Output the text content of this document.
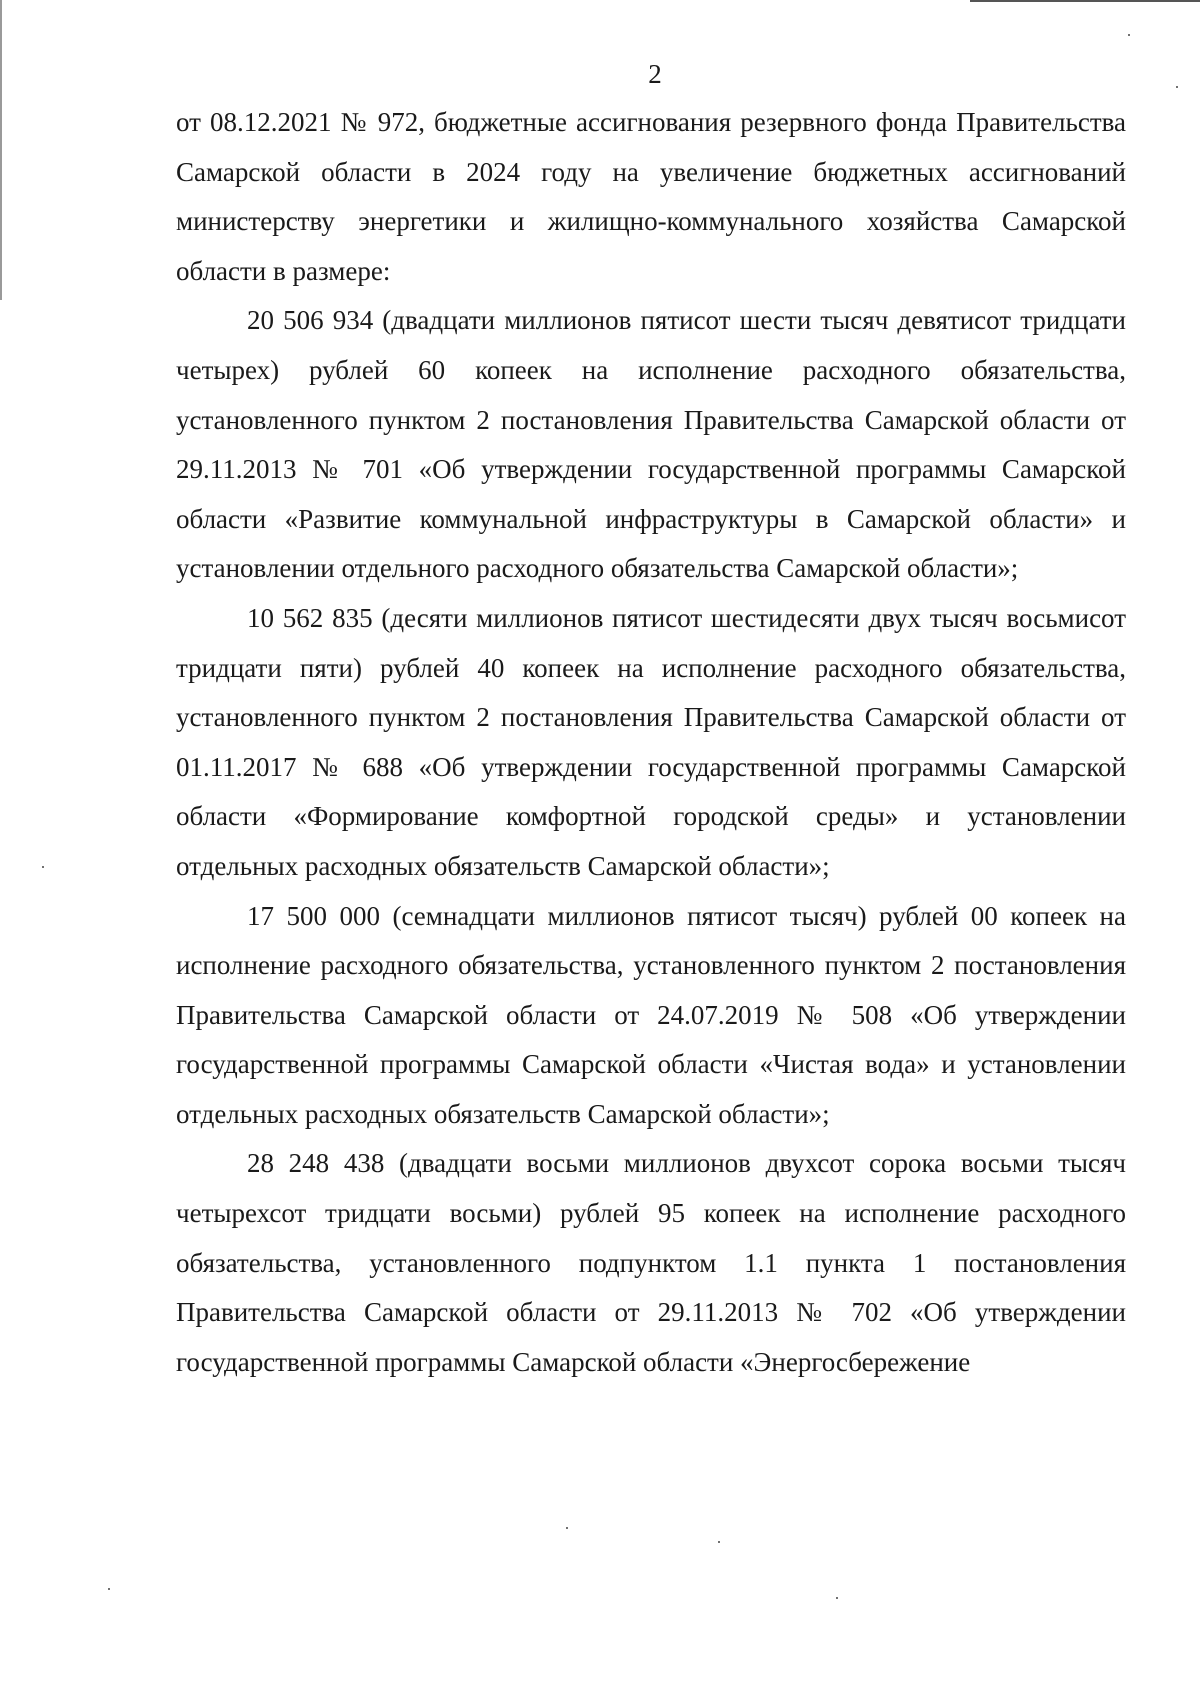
2

от 08.12.2021 № 972, бюджетные ассигнования резервного фонда Правительства Самарской области в 2024 году на увеличение бюджетных ассигнований министерству энергетики и жилищно-коммунального хозяйства Самарской области в размере:

20 506 934 (двадцати миллионов пятисот шести тысяч девятисот тридцати четырех) рублей 60 копеек на исполнение расходного обязательства, установленного пунктом 2 постановления Правительства Самарской области от 29.11.2013 № 701 «Об утверждении государственной программы Самарской области «Развитие коммунальной инфраструктуры в Самарской области» и установлении отдельного расходного обязательства Самарской области»;

10 562 835 (десяти миллионов пятисот шестидесяти двух тысяч восьмисот тридцати пяти) рублей 40 копеек на исполнение расходного обязательства, установленного пунктом 2 постановления Правительства Самарской области от 01.11.2017 № 688 «Об утверждении государственной программы Самарской области «Формирование комфортной городской среды» и установлении отдельных расходных обязательств Самарской области»;

17 500 000 (семнадцати миллионов пятисот тысяч) рублей 00 копеек на исполнение расходного обязательства, установленного пунктом 2 постановления Правительства Самарской области от 24.07.2019 № 508 «Об утверждении государственной программы Самарской области «Чистая вода» и установлении отдельных расходных обязательств Самарской области»;

28 248 438 (двадцати восьми миллионов двухсот сорока восьми тысяч четырехсот тридцати восьми) рублей 95 копеек на исполнение расходного обязательства, установленного подпунктом 1.1 пункта 1 постановления Правительства Самарской области от 29.11.2013 № 702 «Об утверждении государственной программы Самарской области «Энергосбережение
